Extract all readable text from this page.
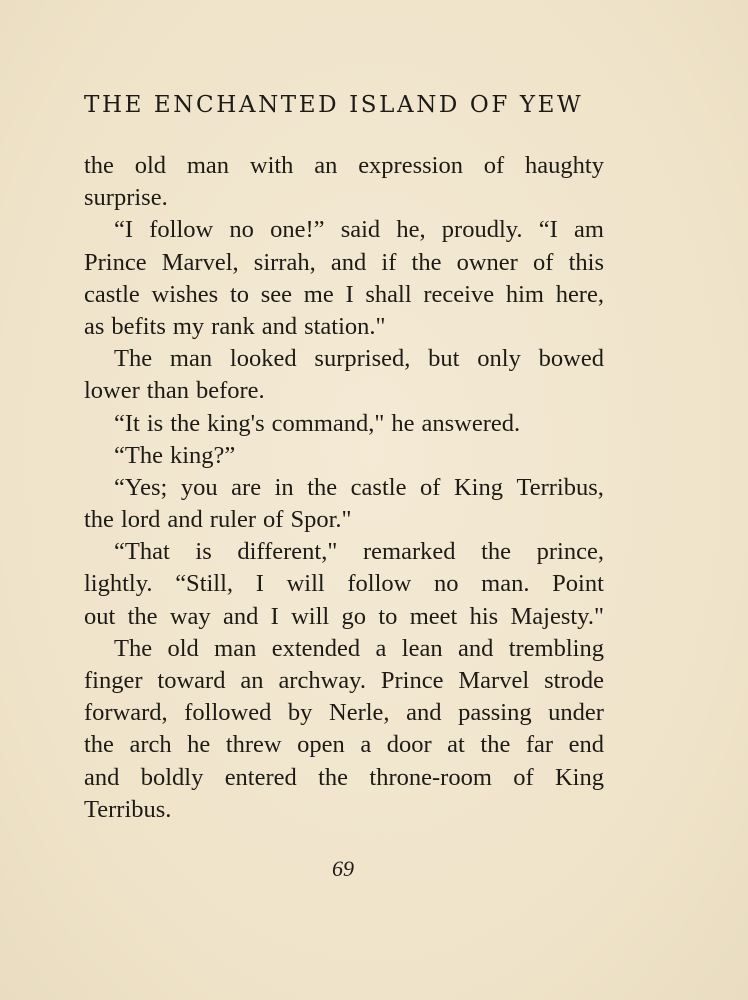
THE ENCHANTED ISLAND OF YEW
the old man with an expression of haughty
surprise.
“I follow no one!” said he, proudly. “I am
Prince Marvel, sirrah, and if the owner of this
castle wishes to see me I shall receive him here,
as befits my rank and station."
The man looked surprised, but only bowed
lower than before.
“It is the king's command," he answered.
“The king?”
“Yes; you are in the castle of King Terribus,
the lord and ruler of Spor."
“That is different," remarked the prince,
lightly. “Still, I will follow no man. Point
out the way and I will go to meet his Majesty."
The old man extended a lean and trembling
finger toward an archway. Prince Marvel strode
forward, followed by Nerle, and passing under
the arch he threw open a door at the far end
and boldly entered the throne-room of King
Terribus.
69
